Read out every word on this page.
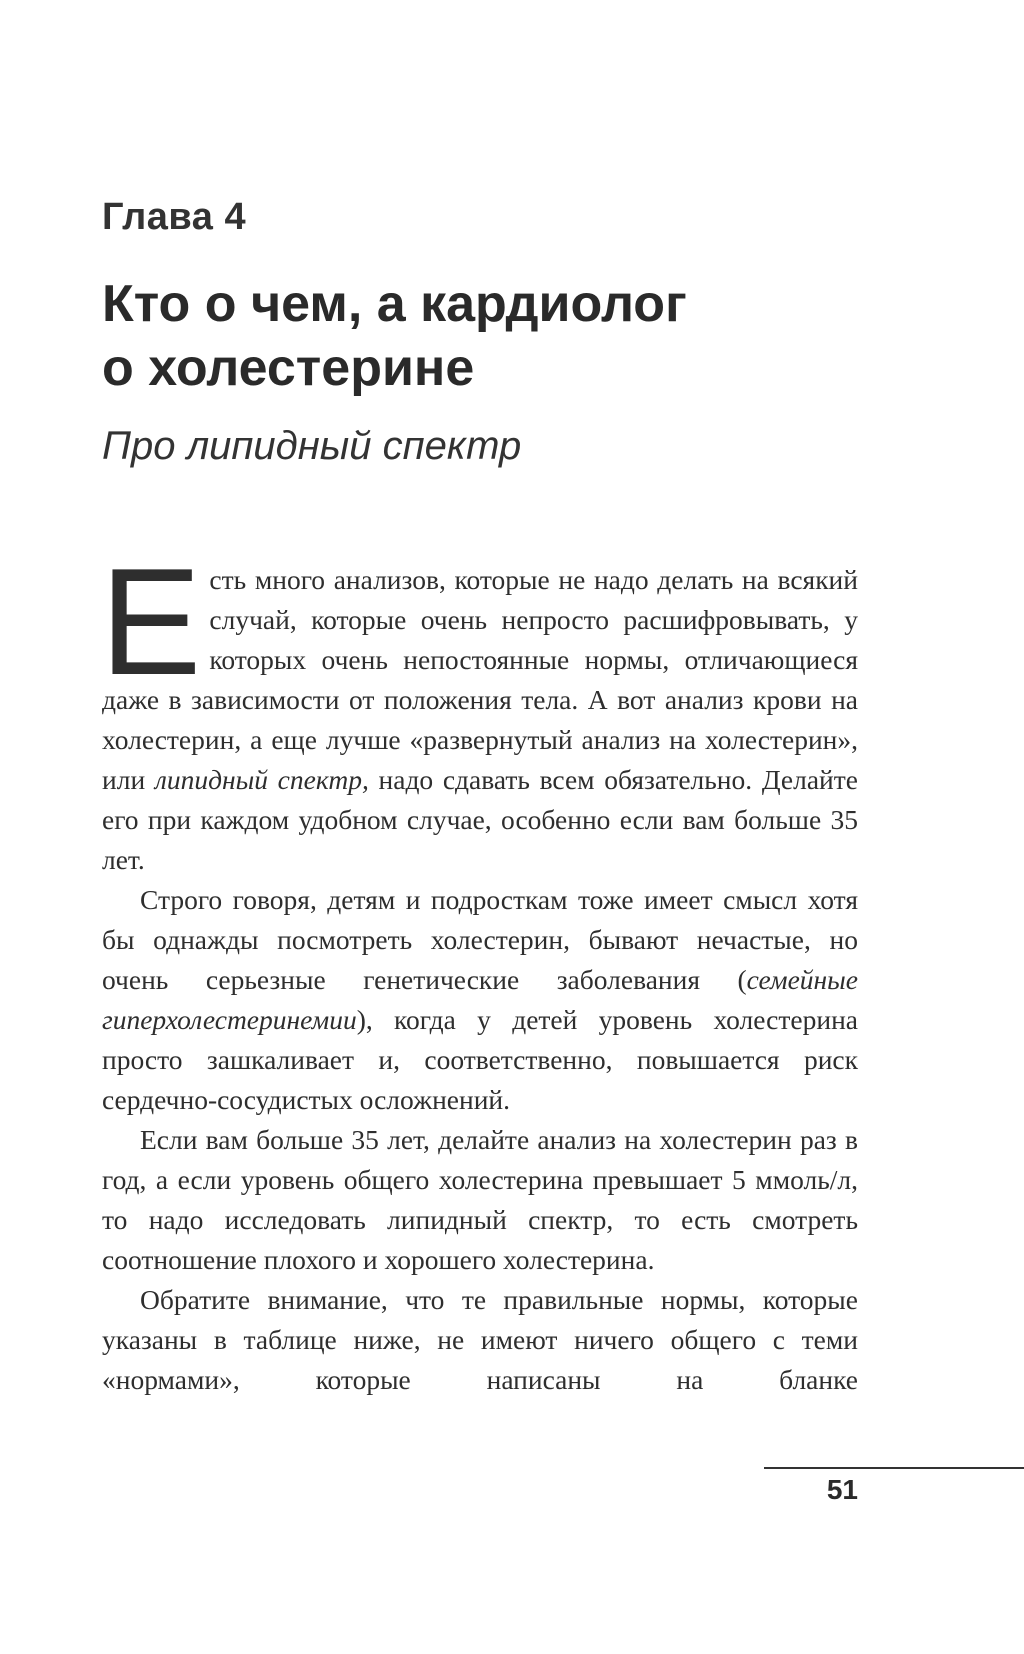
Глава 4
Кто о чем, а кардиолог
о холестерине
Про липидный спектр

Есть много анализов, которые не надо делать на всякий случай, которые очень непросто расшифровывать, у которых очень непостоянные нормы, отличающиеся даже в зависимости от положения тела. А вот анализ крови на холестерин, а еще лучше «развернутый анализ на холестерин», или липидный спектр, надо сдавать всем обязательно. Делайте его при каждом удобном случае, особенно если вам больше 35 лет.

Строго говоря, детям и подросткам тоже имеет смысл хотя бы однажды посмотреть холестерин, бывают нечастые, но очень серьезные генетические заболевания (семейные гиперхолестеринемии), когда у детей уровень холестерина просто зашкаливает и, соответственно, повышается риск сердечно-сосудистых осложнений.

Если вам больше 35 лет, делайте анализ на холестерин раз в год, а если уровень общего холестерина превышает 5 ммоль/л, то надо исследовать липидный спектр, то есть смотреть соотношение плохого и хорошего холестерина.

Обратите внимание, что те правильные нормы, которые указаны в таблице ниже, не имеют ничего общего с теми «нормами», которые написаны на бланке

51
